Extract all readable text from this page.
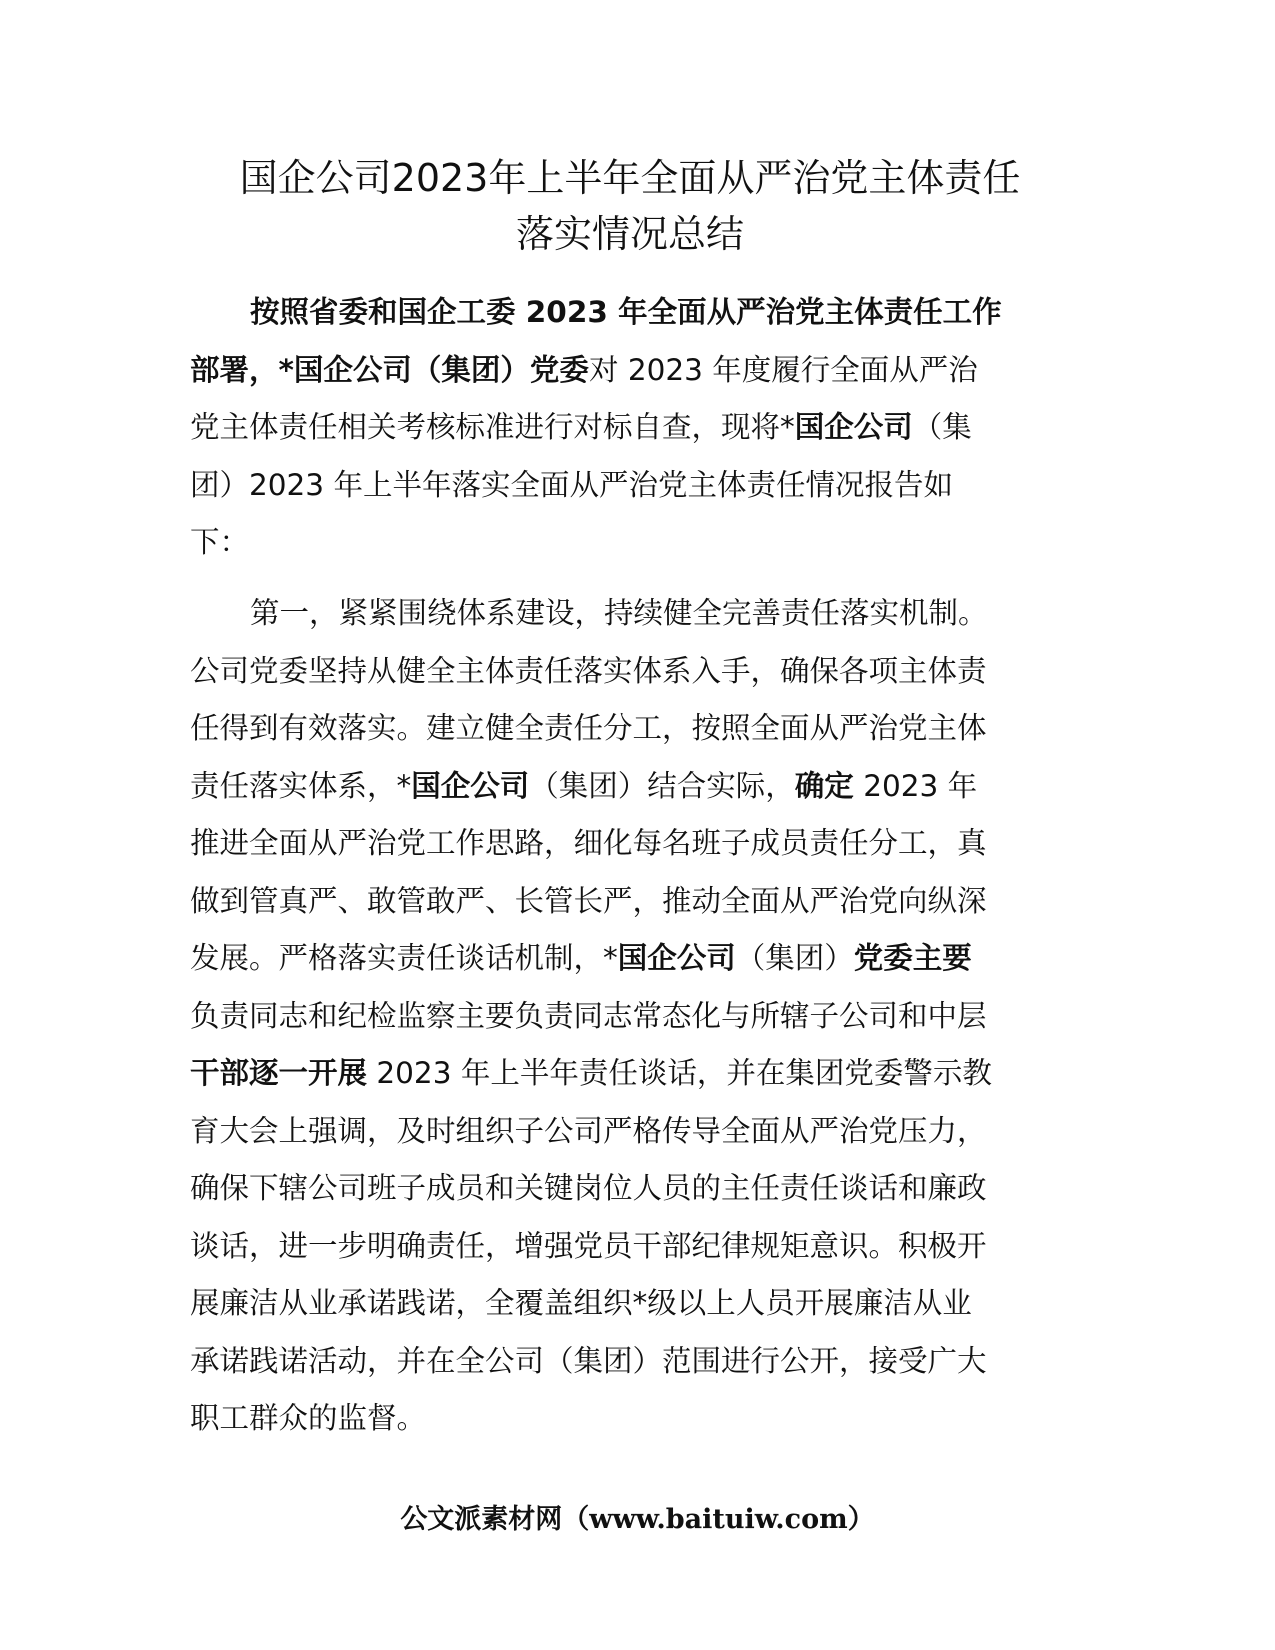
国企公司2023年上半年全面从严治党主体责任
落实情况总结
按照省委和国企工委 2023 年全面从严治党主体责任工作
部署，*国企公司（集团）党委对 2023 年度履行全面从严治
党主体责任相关考核标准进行对标自查，现将*国企公司（集
团）2023 年上半年落实全面从严治党主体责任情况报告如
下：
第一，紧紧围绕体系建设，持续健全完善责任落实机制。
公司党委坚持从健全主体责任落实体系入手，确保各项主体责
任得到有效落实。建立健全责任分工，按照全面从严治党主体
责任落实体系，*国企公司（集团）结合实际，确定 2023 年
推进全面从严治党工作思路，细化每名班子成员责任分工，真
做到管真严、敢管敢严、长管长严，推动全面从严治党向纵深
发展。严格落实责任谈话机制，*国企公司（集团）党委主要
负责同志和纪检监察主要负责同志常态化与所辖子公司和中层
干部逐一开展 2023 年上半年责任谈话，并在集团党委警示教
育大会上强调，及时组织子公司严格传导全面从严治党压力，
确保下辖公司班子成员和关键岗位人员的主任责任谈话和廉政
谈话，进一步明确责任，增强党员干部纪律规矩意识。积极开
展廉洁从业承诺践诺，全覆盖组织*级以上人员开展廉洁从业
承诺践诺活动，并在全公司（集团）范围进行公开，接受广大
职工群众的监督。
公文派素材网（www.baituiw.com）
